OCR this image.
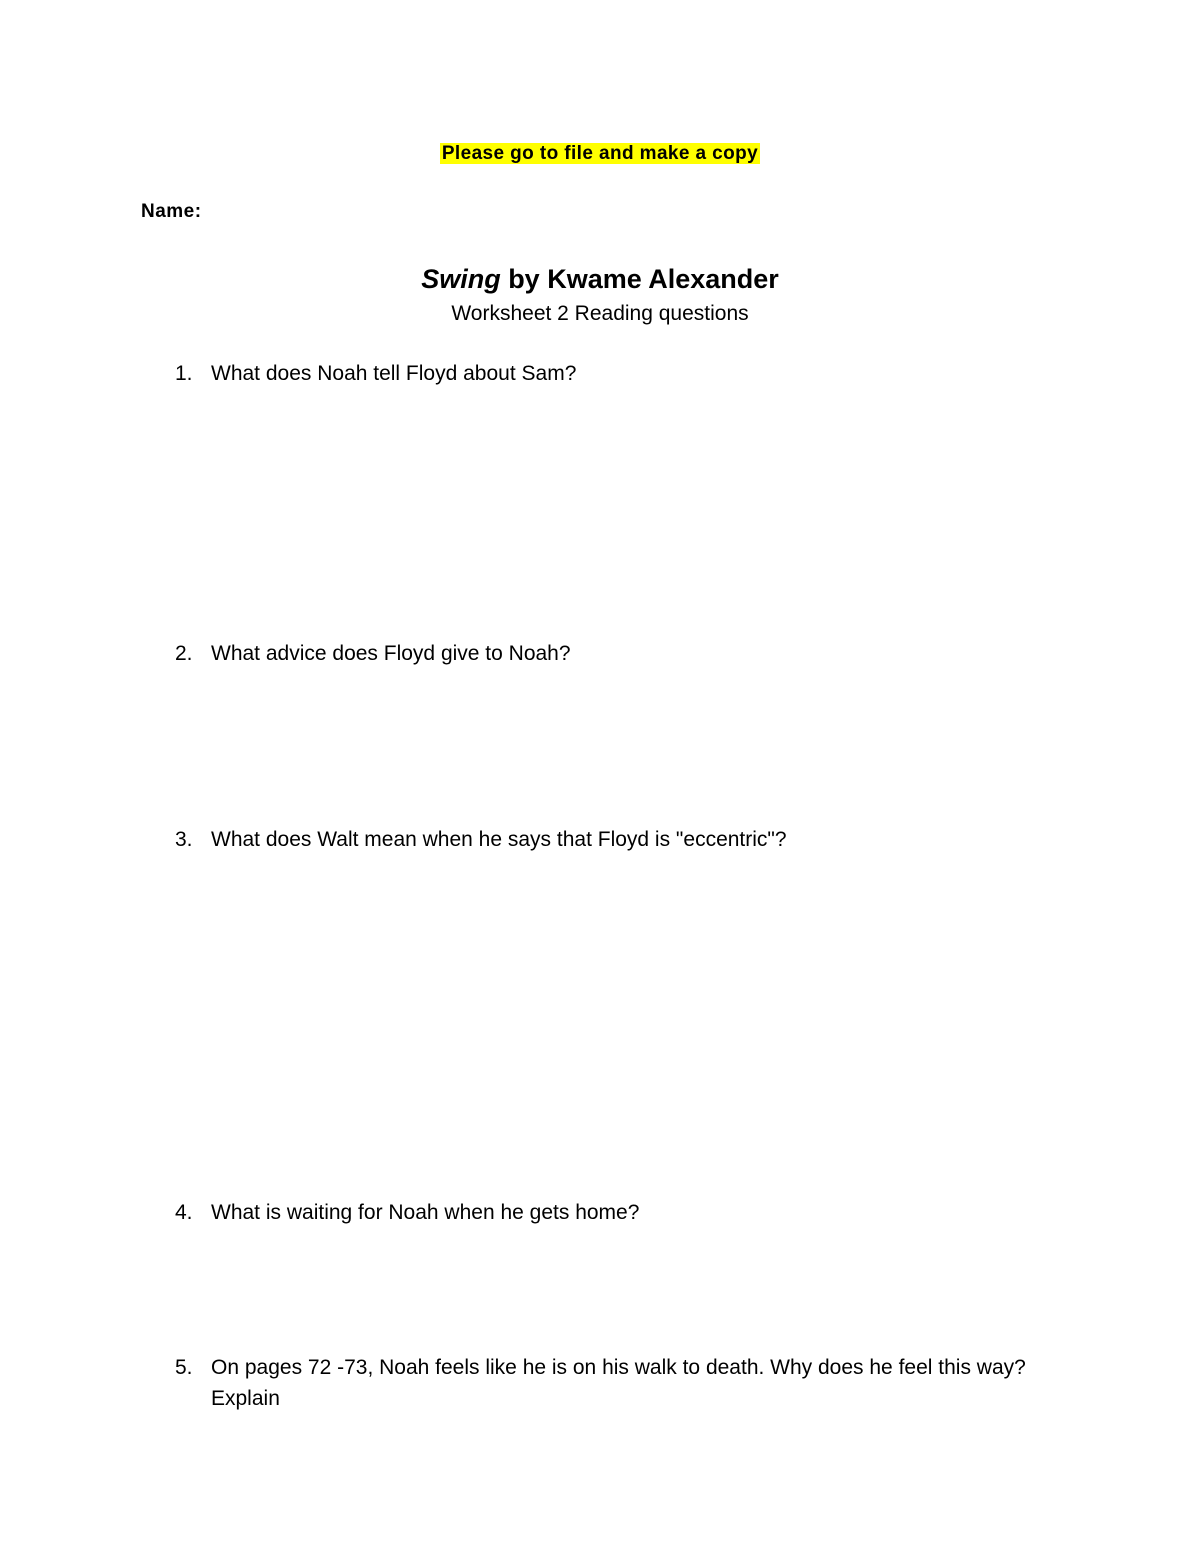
Please go to file and make a copy
Name:
Swing by Kwame Alexander
Worksheet 2 Reading questions
1. What does Noah tell Floyd about Sam?
2. What advice does Floyd give to Noah?
3. What does Walt mean when he says that Floyd is "eccentric"?
4. What is waiting for Noah when he gets home?
5. On pages 72 -73, Noah feels like he is on his walk to death. Why does he feel this way? Explain
